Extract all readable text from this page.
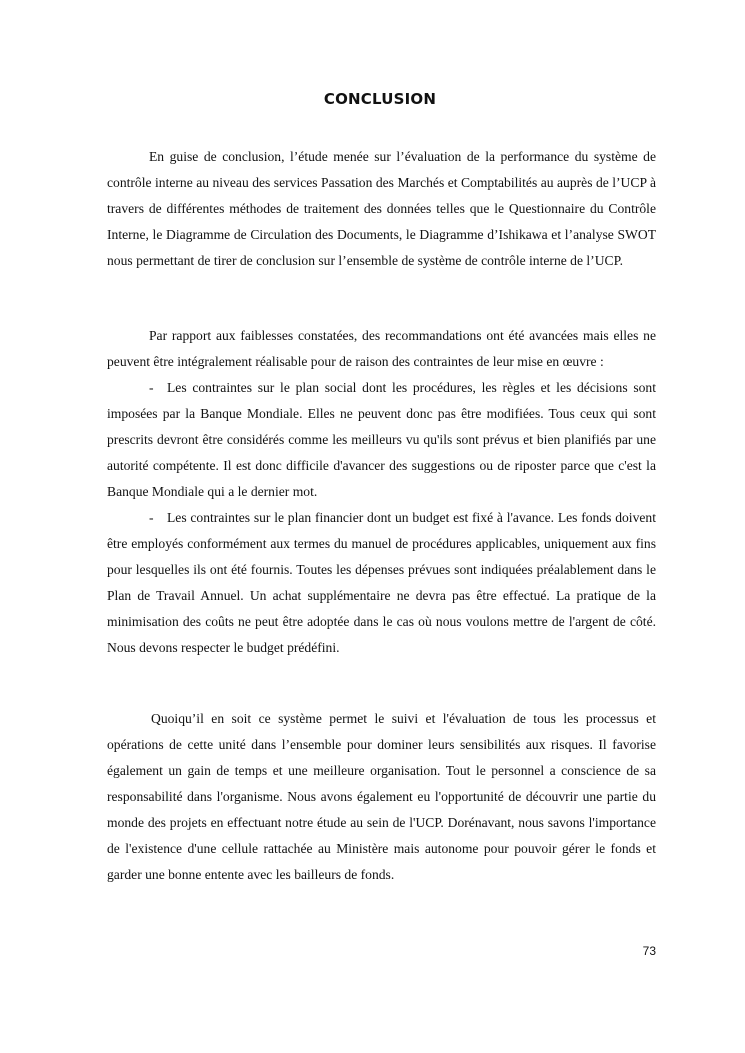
CONCLUSION

En guise de conclusion, l’étude menée sur l’évaluation de la performance du système de contrôle interne au niveau des services Passation des Marchés et Comptabilités au auprès de l’UCP à travers de différentes méthodes de traitement des données telles que le Questionnaire du Contrôle Interne, le Diagramme de Circulation des Documents, le Diagramme d’Ishikawa et l’analyse SWOT nous permettant de tirer de conclusion sur l’ensemble de système de contrôle interne de l’UCP.

Par rapport aux faiblesses constatées, des recommandations ont été avancées mais elles ne peuvent être intégralement réalisable pour de raison des contraintes de leur mise en œuvre :

- Les contraintes sur le plan social dont les procédures, les règles et les décisions sont imposées par la Banque Mondiale. Elles ne peuvent donc pas être modifiées. Tous ceux qui sont prescrits devront être considérés comme les meilleurs vu qu'ils sont prévus et bien planifiés par une autorité compétente. Il est donc difficile d'avancer des suggestions ou de riposter parce que c'est la Banque Mondiale qui a le dernier mot.

- Les contraintes sur le plan financier dont un budget est fixé à l'avance. Les fonds doivent être employés conformément aux termes du manuel de procédures applicables, uniquement aux fins pour lesquelles ils ont été fournis. Toutes les dépenses prévues sont indiquées préalablement dans le Plan de Travail Annuel. Un achat supplémentaire ne devra pas être effectué. La pratique de la minimisation des coûts ne peut être adoptée dans le cas où nous voulons mettre de l'argent de côté. Nous devons respecter le budget prédéfini.

Quoiqu’il en soit ce système permet le suivi et l'évaluation de tous les processus et opérations de cette unité dans l’ensemble pour dominer leurs sensibilités aux risques. Il favorise également un gain de temps et une meilleure organisation. Tout le personnel a conscience de sa responsabilité dans l'organisme. Nous avons également eu l'opportunité de découvrir une partie du monde des projets en effectuant notre étude au sein de l'UCP. Dorénavant, nous savons l'importance de l'existence d'une cellule rattachée au Ministère mais autonome pour pouvoir gérer le fonds et garder une bonne entente avec les bailleurs de fonds.

73
